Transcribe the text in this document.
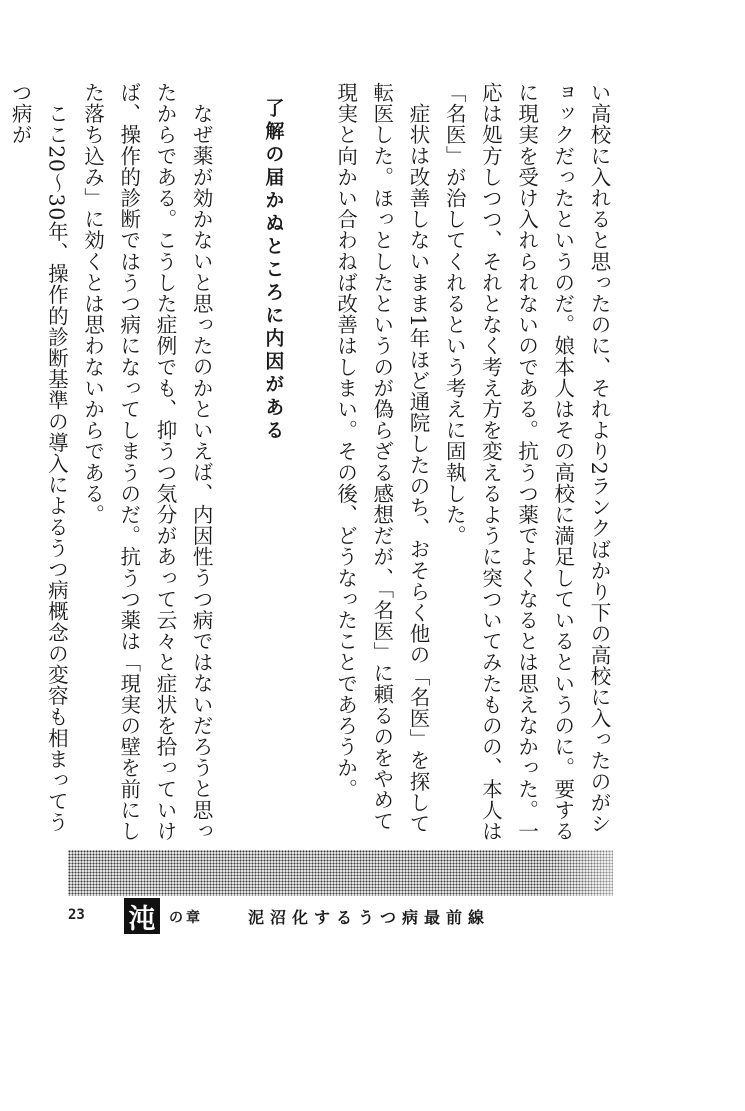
い高校に入れると思ったのに、それより2ランクばかり下の高校に入ったのがショックだったというのだ。娘本人はその高校に満足しているというのに。要するに現実を受け入れられないのである。抗うつ薬でよくなるとは思えなかった。一応は処方しつつ、それとなく考え方を変えるように突ついてみたものの、本人は「名医」が治してくれるという考えに固執した。

症状は改善しないまま1年ほど通院したのち、おそらく他の「名医」を探して転医した。ほっとしたというのが偽らざる感想だが、「名医」に頼るのをやめて現実と向かい合わねば改善はしまい。その後、どうなったことであろうか。

了解の届かぬところに内因がある

なぜ薬が効かないと思ったのかといえば、内因性うつ病ではないだろうと思ったからである。こうした症例でも、抑うつ気分があって云々と症状を拾っていけば、操作的診断ではうつ病になってしまうのだ。抗うつ薬は「現実の壁を前にした落ち込み」に効くとは思わないからである。

ここ20～30年、操作的診断基準の導入によるうつ病概念の変容も相まってうつ病が

23 沌 の章	泥沼化するうつ病最前線
